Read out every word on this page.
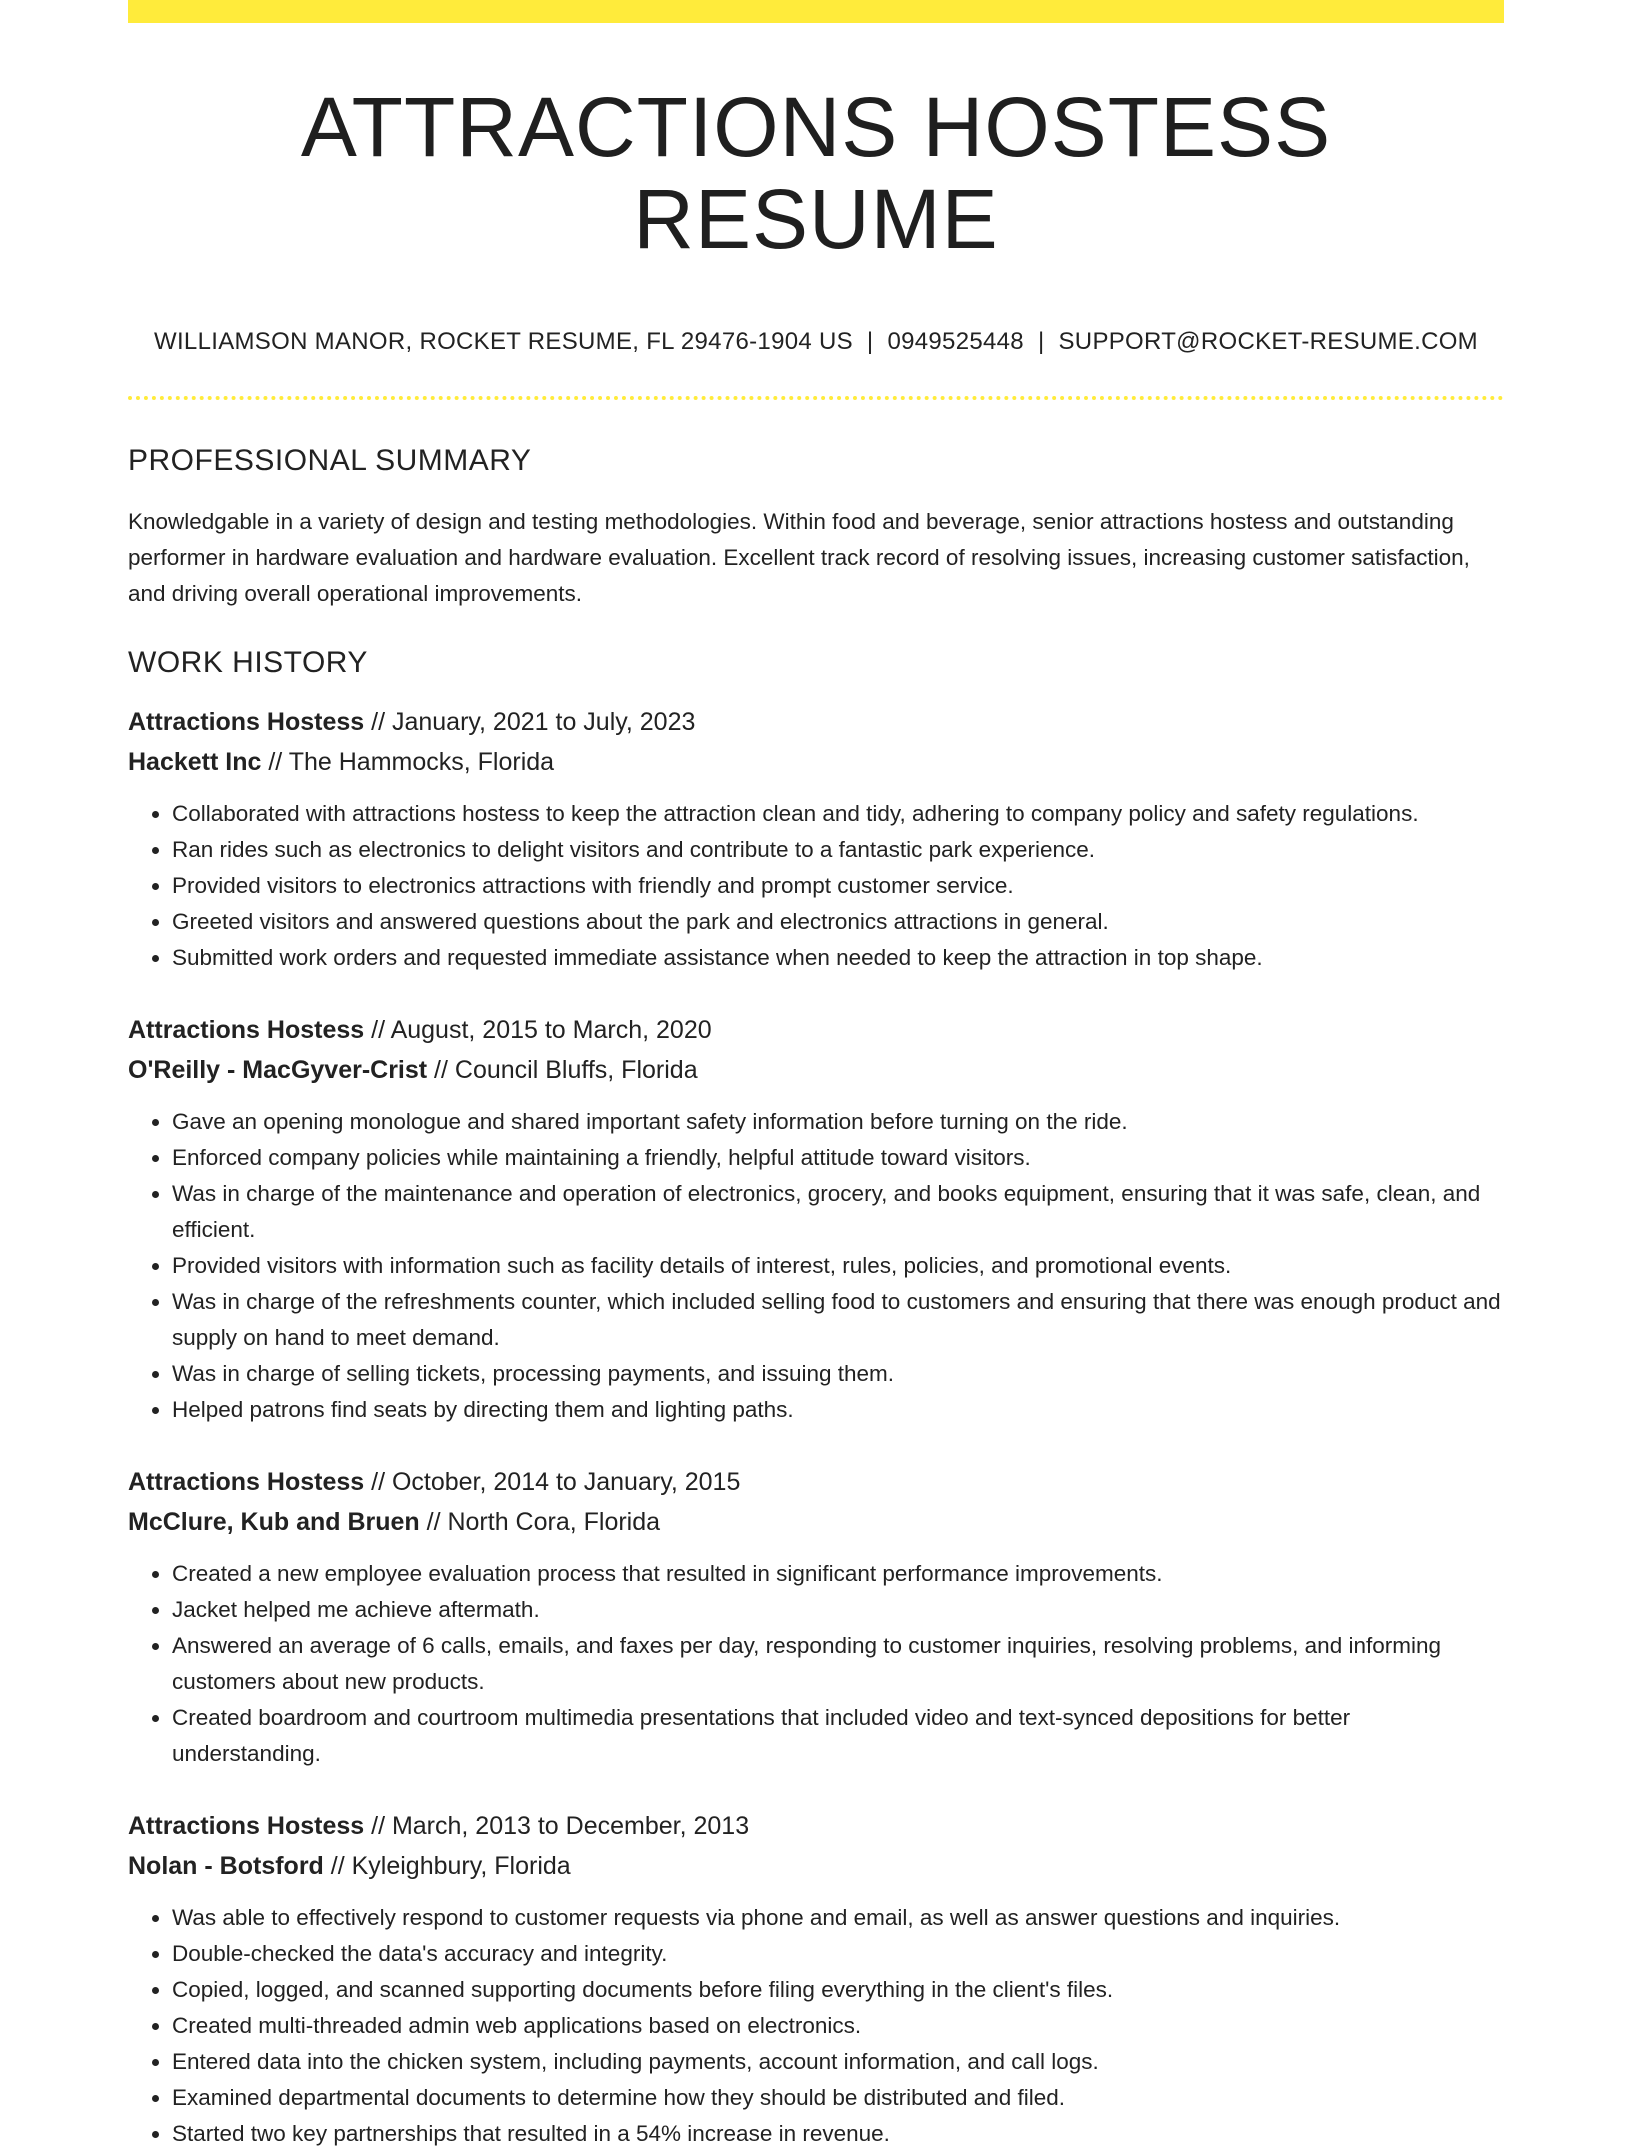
ATTRACTIONS HOSTESS RESUME
WILLIAMSON MANOR, ROCKET RESUME, FL 29476-1904 US | 0949525448 | SUPPORT@ROCKET-RESUME.COM
PROFESSIONAL SUMMARY

Knowledgable in a variety of design and testing methodologies. Within food and beverage, senior attractions hostess and outstanding performer in hardware evaluation and hardware evaluation. Excellent track record of resolving issues, increasing customer satisfaction, and driving overall operational improvements.

WORK HISTORY
Attractions Hostess // January, 2021 to July, 2023
Hackett Inc // The Hammocks, Florida
• Collaborated with attractions hostess to keep the attraction clean and tidy, adhering to company policy and safety regulations.
• Ran rides such as electronics to delight visitors and contribute to a fantastic park experience.
• Provided visitors to electronics attractions with friendly and prompt customer service.
• Greeted visitors and answered questions about the park and electronics attractions in general.
• Submitted work orders and requested immediate assistance when needed to keep the attraction in top shape.
Attractions Hostess // August, 2015 to March, 2020
O'Reilly - MacGyver-Crist // Council Bluffs, Florida
• Gave an opening monologue and shared important safety information before turning on the ride.
• Enforced company policies while maintaining a friendly, helpful attitude toward visitors.
• Was in charge of the maintenance and operation of electronics, grocery, and books equipment, ensuring that it was safe, clean, and efficient.
• Provided visitors with information such as facility details of interest, rules, policies, and promotional events.
• Was in charge of the refreshments counter, which included selling food to customers and ensuring that there was enough product and supply on hand to meet demand.
• Was in charge of selling tickets, processing payments, and issuing them.
• Helped patrons find seats by directing them and lighting paths.
Attractions Hostess // October, 2014 to January, 2015
McClure, Kub and Bruen // North Cora, Florida
• Created a new employee evaluation process that resulted in significant performance improvements.
• Jacket helped me achieve aftermath.
• Answered an average of 6 calls, emails, and faxes per day, responding to customer inquiries, resolving problems, and informing customers about new products.
• Created boardroom and courtroom multimedia presentations that included video and text-synced depositions for better understanding.
Attractions Hostess // March, 2013 to December, 2013
Nolan - Botsford // Kyleighbury, Florida
• Was able to effectively respond to customer requests via phone and email, as well as answer questions and inquiries.
• Double-checked the data's accuracy and integrity.
• Copied, logged, and scanned supporting documents before filing everything in the client's files.
• Created multi-threaded admin web applications based on electronics.
• Entered data into the chicken system, including payments, account information, and call logs.
• Examined departmental documents to determine how they should be distributed and filed.
• Started two key partnerships that resulted in a 54% increase in revenue.
